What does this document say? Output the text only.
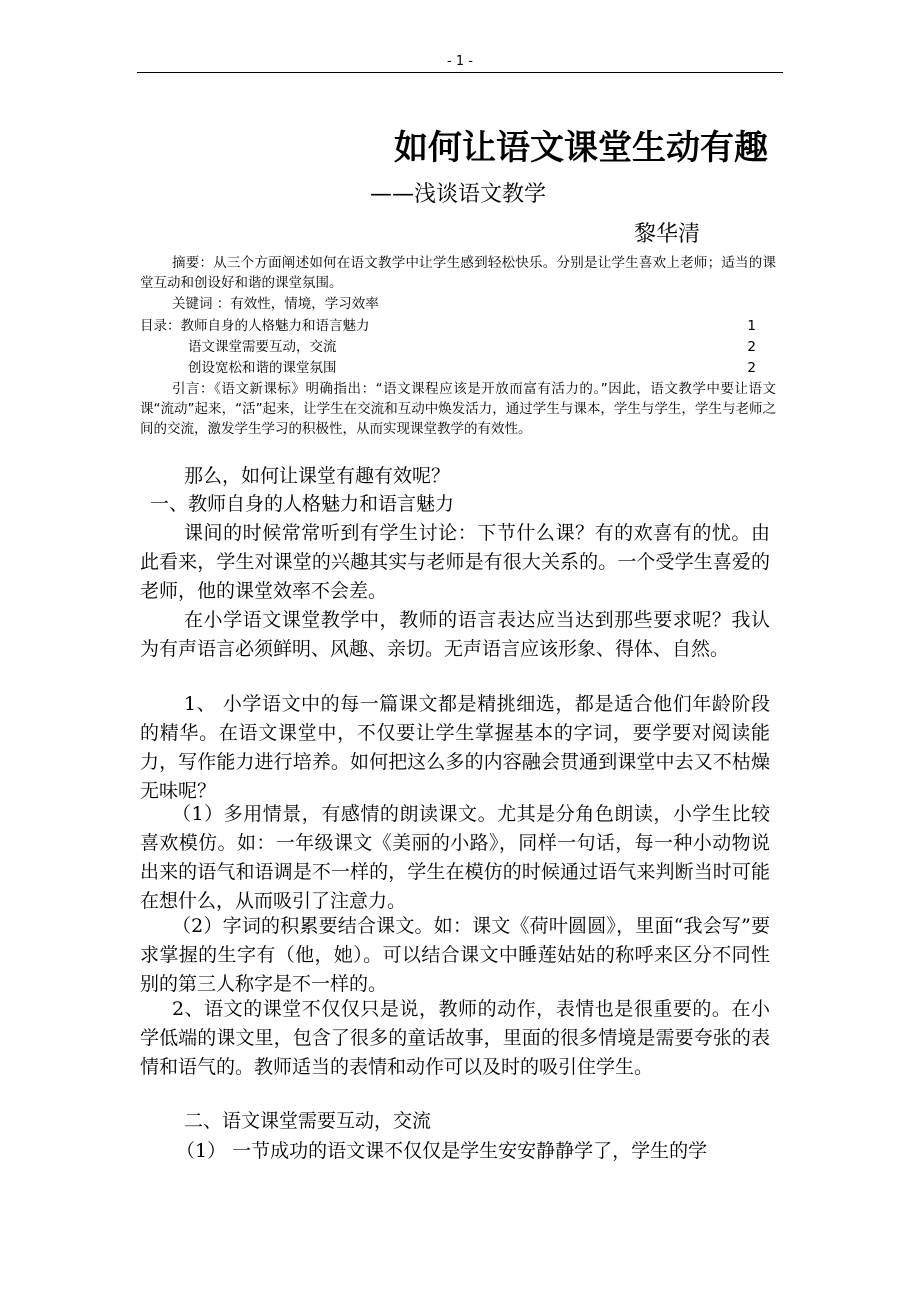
- 1 -
如何让语文课堂生动有趣
——浅谈语文教学
黎华清
摘要：从三个方面阐述如何在语文教学中让学生感到轻松快乐。分别是让学生喜欢上老师；适当的课堂互动和创设好和谐的课堂氛围。
关键词 ：有效性，情境，学习效率
目录：教师自身的人格魅力和语言魅力	1
语文课堂需要互动，交流	2
创设宽松和谐的课堂氛围	2
引言：《语文新课标》明确指出：“语文课程应该是开放而富有活力的。”因此，语文教学中要让语文课“流动”起来，“活”起来，让学生在交流和互动中焕发活力，通过学生与课本，学生与学生，学生与老师之间的交流，激发学生学习的积极性，从而实现课堂教学的有效性。
那么，如何让课堂有趣有效呢？
一、教师自身的人格魅力和语言魅力
课间的时候常常听到有学生讨论：下节什么课？有的欢喜有的忧。由此看来，学生对课堂的兴趣其实与老师是有很大关系的。一个受学生喜爱的老师，他的课堂效率不会差。
在小学语文课堂教学中，教师的语言表达应当达到那些要求呢？我认为有声语言必须鲜明、风趣、亲切。无声语言应该形象、得体、自然。
1、 小学语文中的每一篇课文都是精挑细选，都是适合他们年龄阶段的精华。在语文课堂中，不仅要让学生掌握基本的字词，要学要对阅读能力，写作能力进行培养。如何把这么多的内容融会贯通到课堂中去又不枯燥无味呢？
（1）多用情景，有感情的朗读课文。尤其是分角色朗读，小学生比较喜欢模仿。如：一年级课文《美丽的小路》，同样一句话，每一种小动物说出来的语气和语调是不一样的，学生在模仿的时候通过语气来判断当时可能在想什么，从而吸引了注意力。
（2）字词的积累要结合课文。如：课文《荷叶圆圆》，里面“我会写”要求掌握的生字有（他，她）。可以结合课文中睡莲姑姑的称呼来区分不同性别的第三人称字是不一样的。
2、语文的课堂不仅仅只是说，教师的动作，表情也是很重要的。在小学低端的课文里，包含了很多的童话故事，里面的很多情境是需要夸张的表情和语气的。教师适当的表情和动作可以及时的吸引住学生。
二、语文课堂需要互动，交流
（1） 一节成功的语文课不仅仅是学生安安静静学了，学生的学
